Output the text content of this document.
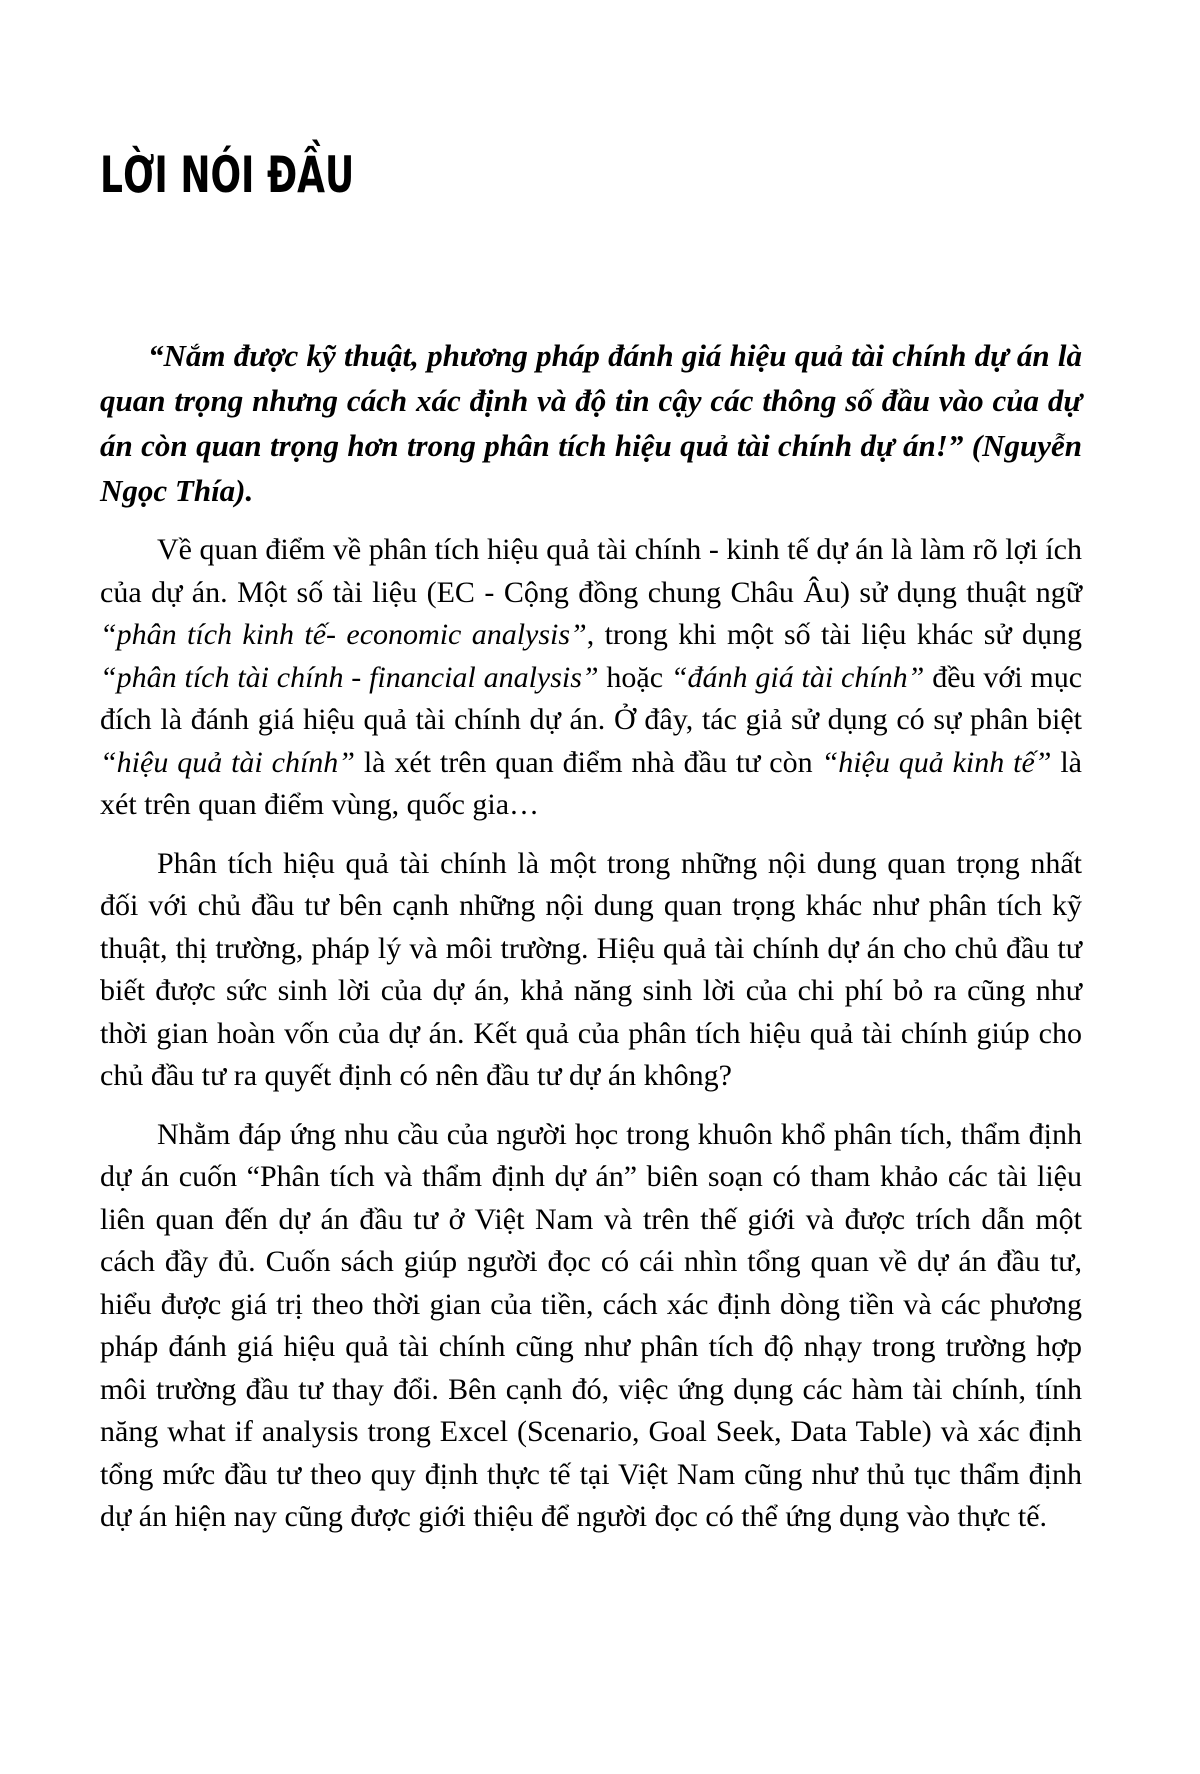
LỜI NÓI ĐẦU

“Nắm được kỹ thuật, phương pháp đánh giá hiệu quả tài chính dự án là quan trọng nhưng cách xác định và độ tin cậy các thông số đầu vào của dự án còn quan trọng hơn trong phân tích hiệu quả tài chính dự án!” (Nguyễn Ngọc Thía).

Về quan điểm về phân tích hiệu quả tài chính - kinh tế dự án là làm rõ lợi ích của dự án. Một số tài liệu (EC - Cộng đồng chung Châu Âu) sử dụng thuật ngữ “phân tích kinh tế- economic analysis”, trong khi một số tài liệu khác sử dụng “phân tích tài chính - financial analysis” hoặc “đánh giá tài chính” đều với mục đích là đánh giá hiệu quả tài chính dự án. Ở đây, tác giả sử dụng có sự phân biệt “hiệu quả tài chính” là xét trên quan điểm nhà đầu tư còn “hiệu quả kinh tế” là xét trên quan điểm vùng, quốc gia…

Phân tích hiệu quả tài chính là một trong những nội dung quan trọng nhất đối với chủ đầu tư bên cạnh những nội dung quan trọng khác như phân tích kỹ thuật, thị trường, pháp lý và môi trường. Hiệu quả tài chính dự án cho chủ đầu tư biết được sức sinh lời của dự án, khả năng sinh lời của chi phí bỏ ra cũng như thời gian hoàn vốn của dự án. Kết quả của phân tích hiệu quả tài chính giúp cho chủ đầu tư ra quyết định có nên đầu tư dự án không?

Nhằm đáp ứng nhu cầu của người học trong khuôn khổ phân tích, thẩm định dự án cuốn “Phân tích và thẩm định dự án” biên soạn có tham khảo các tài liệu liên quan đến dự án đầu tư ở Việt Nam và trên thế giới và được trích dẫn một cách đầy đủ. Cuốn sách giúp người đọc có cái nhìn tổng quan về dự án đầu tư, hiểu được giá trị theo thời gian của tiền, cách xác định dòng tiền và các phương pháp đánh giá hiệu quả tài chính cũng như phân tích độ nhạy trong trường hợp môi trường đầu tư thay đổi. Bên cạnh đó, việc ứng dụng các hàm tài chính, tính năng what if analysis trong Excel (Scenario, Goal Seek, Data Table) và xác định tổng mức đầu tư theo quy định thực tế tại Việt Nam cũng như thủ tục thẩm định dự án hiện nay cũng được giới thiệu để người đọc có thể ứng dụng vào thực tế.
